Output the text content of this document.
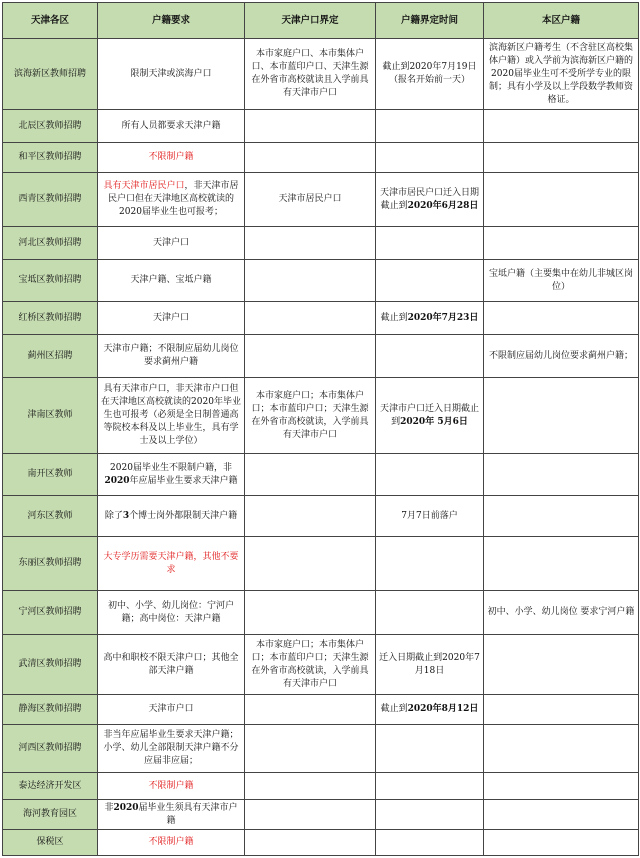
天津各区	户籍要求	天津户口界定	户籍界定时间	本区户籍
滨海新区教师招聘	限制天津或滨海户口	本市家庭户口、本市集体户口、本市蓝印户口、天津生源在外省市高校就读且入学前具有天津市户口	截止到2020年7月19日（报名开始前一天）	滨海新区户籍考生（不含驻区高校集体户籍）或入学前为滨海新区户籍的2020届毕业生可不受所学专业的限制；具有小学及以上学段数学教师资格证。
北辰区教师招聘	所有人员都要求天津户籍			
和平区教师招聘	不限制户籍			
西青区教师招聘	具有天津市居民户口，非天津市居民户口但在天津地区高校就读的2020届毕业生也可报考；	天津市居民户口	天津市居民户口迁入日期截止到2020年6月28日	
河北区教师招聘	天津户口			
宝坻区教师招聘	天津户籍、宝坻户籍			宝坻户籍（主要集中在幼儿非城区岗位）
红桥区教师招聘	天津户口		截止到2020年7月23日	
蓟州区招聘	天津市户籍；不限制应届幼儿岗位要求蓟州户籍			不限制应届幼儿岗位要求蓟州户籍；
津南区教师	具有天津市户口，非天津市户口但在天津地区高校就读的2020年毕业生也可报考（必须是全日制普通高等院校本科及以上毕业生，具有学士及以上学位）	本市家庭户口；本市集体户口；本市蓝印户口；天津生源在外省市高校就读，入学前具有天津市户口	天津市户口迁入日期截止到2020年 5月6日	
南开区教师	2020届毕业生不限制户籍，非2020年应届毕业生要求天津户籍			
河东区教师	除了3个博士岗外都限制天津户籍		7月7日前落户	
东丽区教师招聘	大专学历需要天津户籍，其他不要求			
宁河区教师招聘	初中、小学、幼儿岗位：宁河户籍；高中岗位：天津户籍			初中、小学、幼儿岗位 要求宁河户籍
武清区教师招聘	高中和职校不限天津户口；其他全部天津户籍	本市家庭户口；本市集体户口；本市蓝印户口；天津生源在外省市高校就读，入学前具有天津市户口	迁入日期截止到2020年7月18日	
静海区教师招聘	天津市户口		截止到2020年8月12日	
河西区教师招聘	非当年应届毕业生要求天津户籍；小学、幼儿全部限制天津户籍不分应届非应届；			
泰达经济开发区	不限制户籍			
海河教育园区	非2020届毕业生须具有天津市户籍			
保税区	不限制户籍			
